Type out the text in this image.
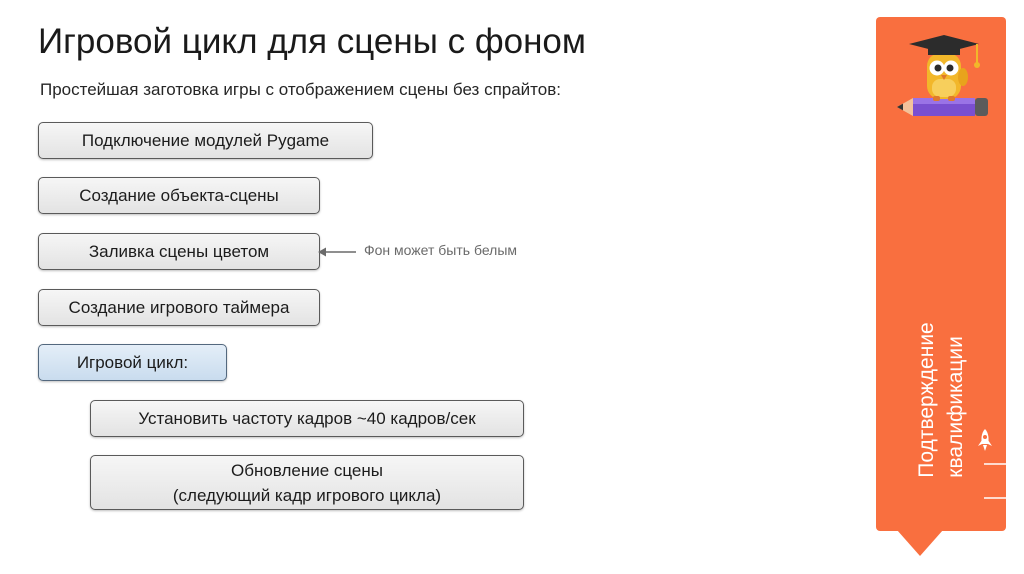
Игровой цикл для сцены с фоном
Простейшая заготовка игры с отображением сцены без спрайтов:
Подключение модулей Pygame
Создание объекта-сцены
Заливка сцены цветом
Создание игрового таймера
Игровой цикл:
Установить частоту кадров ~40 кадров/сек
Обновление сцены
(следующий кадр игрового цикла)
Фон может быть белым
Подтверждение квалификации
